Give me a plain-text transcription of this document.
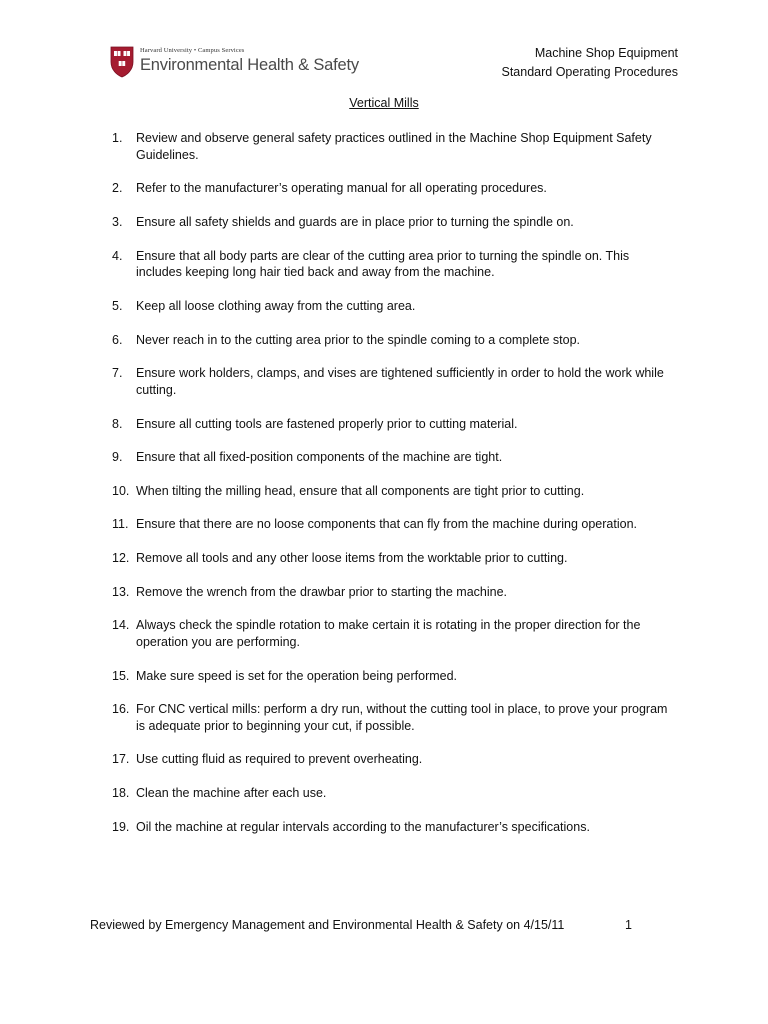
Harvard University • Campus Services
Environmental Health & Safety
Machine Shop Equipment
Standard Operating Procedures
Vertical Mills
1. Review and observe general safety practices outlined in the Machine Shop Equipment Safety Guidelines.
2. Refer to the manufacturer’s operating manual for all operating procedures.
3. Ensure all safety shields and guards are in place prior to turning the spindle on.
4. Ensure that all body parts are clear of the cutting area prior to turning the spindle on. This includes keeping long hair tied back and away from the machine.
5. Keep all loose clothing away from the cutting area.
6. Never reach in to the cutting area prior to the spindle coming to a complete stop.
7. Ensure work holders, clamps, and vises are tightened sufficiently in order to hold the work while cutting.
8. Ensure all cutting tools are fastened properly prior to cutting material.
9. Ensure that all fixed-position components of the machine are tight.
10. When tilting the milling head, ensure that all components are tight prior to cutting.
11. Ensure that there are no loose components that can fly from the machine during operation.
12. Remove all tools and any other loose items from the worktable prior to cutting.
13. Remove the wrench from the drawbar prior to starting the machine.
14. Always check the spindle rotation to make certain it is rotating in the proper direction for the operation you are performing.
15. Make sure speed is set for the operation being performed.
16. For CNC vertical mills: perform a dry run, without the cutting tool in place, to prove your program is adequate prior to beginning your cut, if possible.
17. Use cutting fluid as required to prevent overheating.
18. Clean the machine after each use.
19. Oil the machine at regular intervals according to the manufacturer’s specifications.
Reviewed by Emergency Management and Environmental Health & Safety on 4/15/11	1
